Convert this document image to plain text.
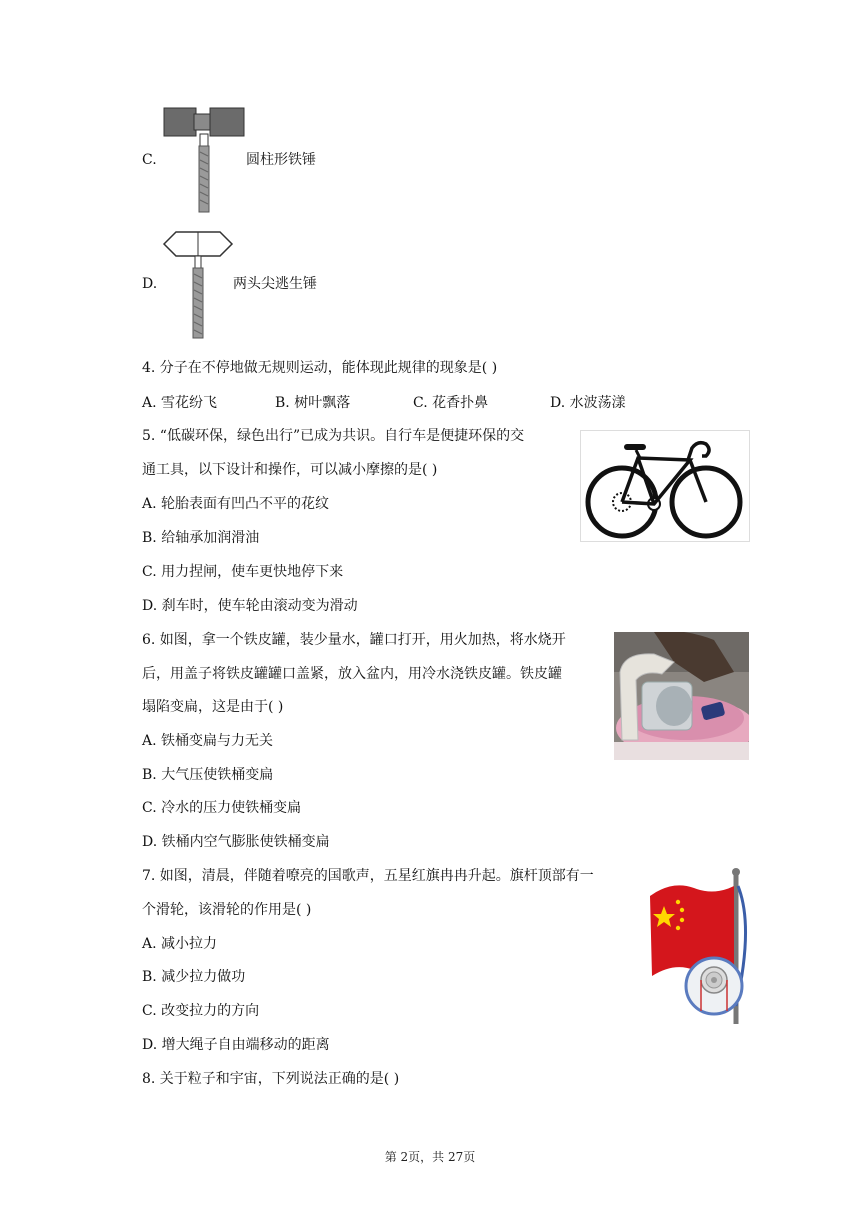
C.	圆柱形铁锤
D.	两头尖逃生锤
4. 分子在不停地做无规则运动，能体现此规律的现象是( )
A. 雪花纷飞	B. 树叶飘落	C. 花香扑鼻	D. 水波荡漾
5. “低碳环保，绿色出行”已成为共识。自行车是便捷环保的交
通工具，以下设计和操作，可以减小摩擦的是( )
A. 轮胎表面有凹凸不平的花纹
B. 给轴承加润滑油
C. 用力捏闸，使车更快地停下来
D. 刹车时，使车轮由滚动变为滑动
6. 如图，拿一个铁皮罐，装少量水，罐口打开，用火加热，将水烧开
后，用盖子将铁皮罐罐口盖紧，放入盆内，用冷水浇铁皮罐。铁皮罐
塌陷变扁，这是由于( )
A. 铁桶变扁与力无关
B. 大气压使铁桶变扁
C. 冷水的压力使铁桶变扁
D. 铁桶内空气膨胀使铁桶变扁
7. 如图，清晨，伴随着嘹亮的国歌声，五星红旗冉冉升起。旗杆顶部有一
个滑轮，该滑轮的作用是( )
A. 减小拉力
B. 减少拉力做功
C. 改变拉力的方向
D. 增大绳子自由端移动的距离
8. 关于粒子和宇宙，下列说法正确的是( )
第 2页，共 27页
